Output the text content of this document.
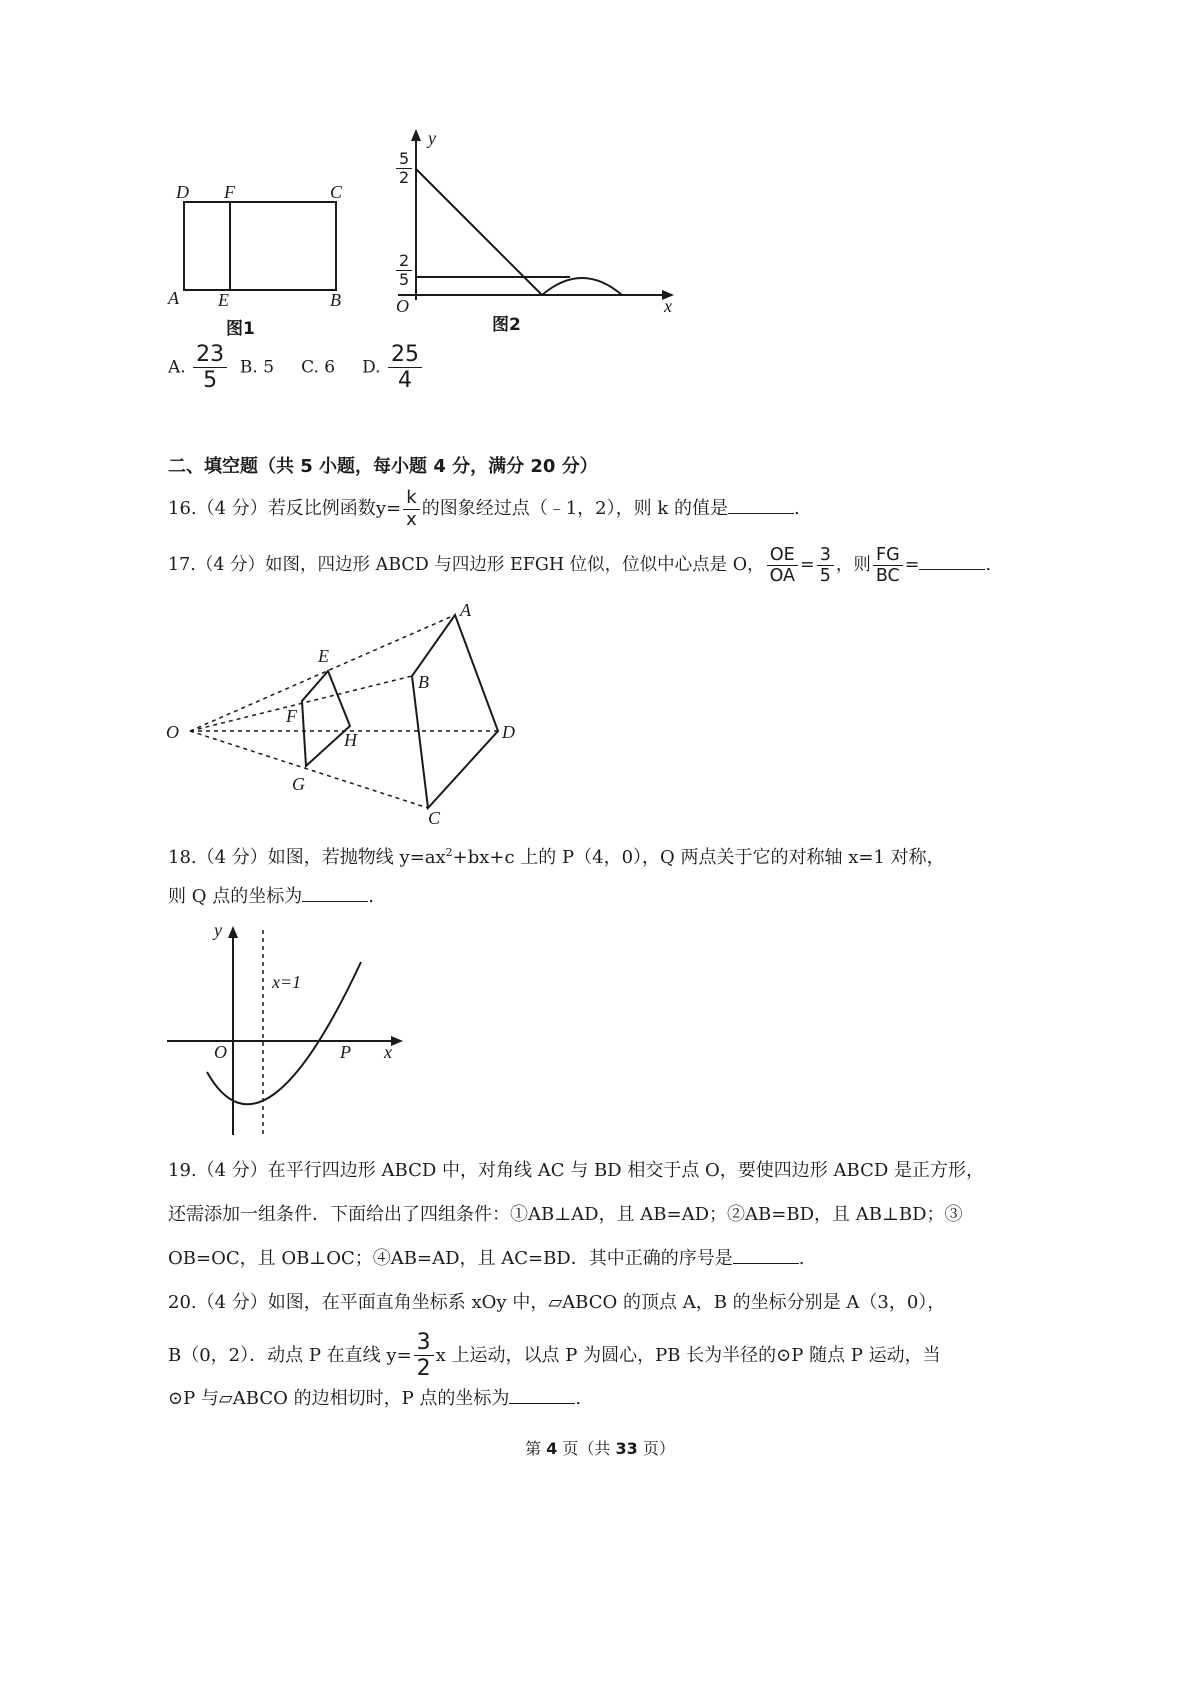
D F	C
A E	B
图1
y
x
O
$\frac{5}{2}$
$\frac{2}{5}$
图2
A. $\frac{23}{5} B$. 5 C. 6 D. $\frac{25}{4}$
二、填空题（共 5 小题，每小题 4 分，满分 20 分）
16.（4 分）若反比例函数$y= \frac{k}{x}$ 的图象经过点（﹣1，2），则 k 的值是	.
17.（4 分）如图，四边形 ABCD 与四边形 EFGH 位似，位似中心点是 O， $\frac{OE}{OA} = \frac{3}{5}$ ，则 $\frac{FG}{BC}$ =	.
O
A
B
C
D
E
F
G
H
18.（4 分）如图，若抛物线 $y=ax^2+bx+c$ 上的 P（4，0），Q 两点关于它的对称轴 x=1 对称，
则 Q 点的坐标为	.
y
x
O	P
x=1
19.（4 分）在平行四边形 ABCD 中，对角线 AC 与 BD 相交于点 O，要使四边形 ABCD 是正方形，
还需添加一组条件．下面给出了四组条件：①AB⊥AD，且 AB=AD；②AB=BD，且 AB⊥BD；③
OB=OC，且 OB⊥OC；④AB=AD，且 AC=BD．其中正确的序号是	.
20.（4 分）如图，在平面直角坐标系 xOy 中，▱ABCO 的顶点 A，B 的坐标分别是 A（3，0），
B（0，2）．动点 P 在直线 $y= \frac{3}{2}$ x 上运动，以点 P 为圆心，PB 长为半径的⊙P 随点 P 运动，当
⊙P 与▱ABCO 的边相切时，P 点的坐标为	.
第 4 页（共 33 页）
